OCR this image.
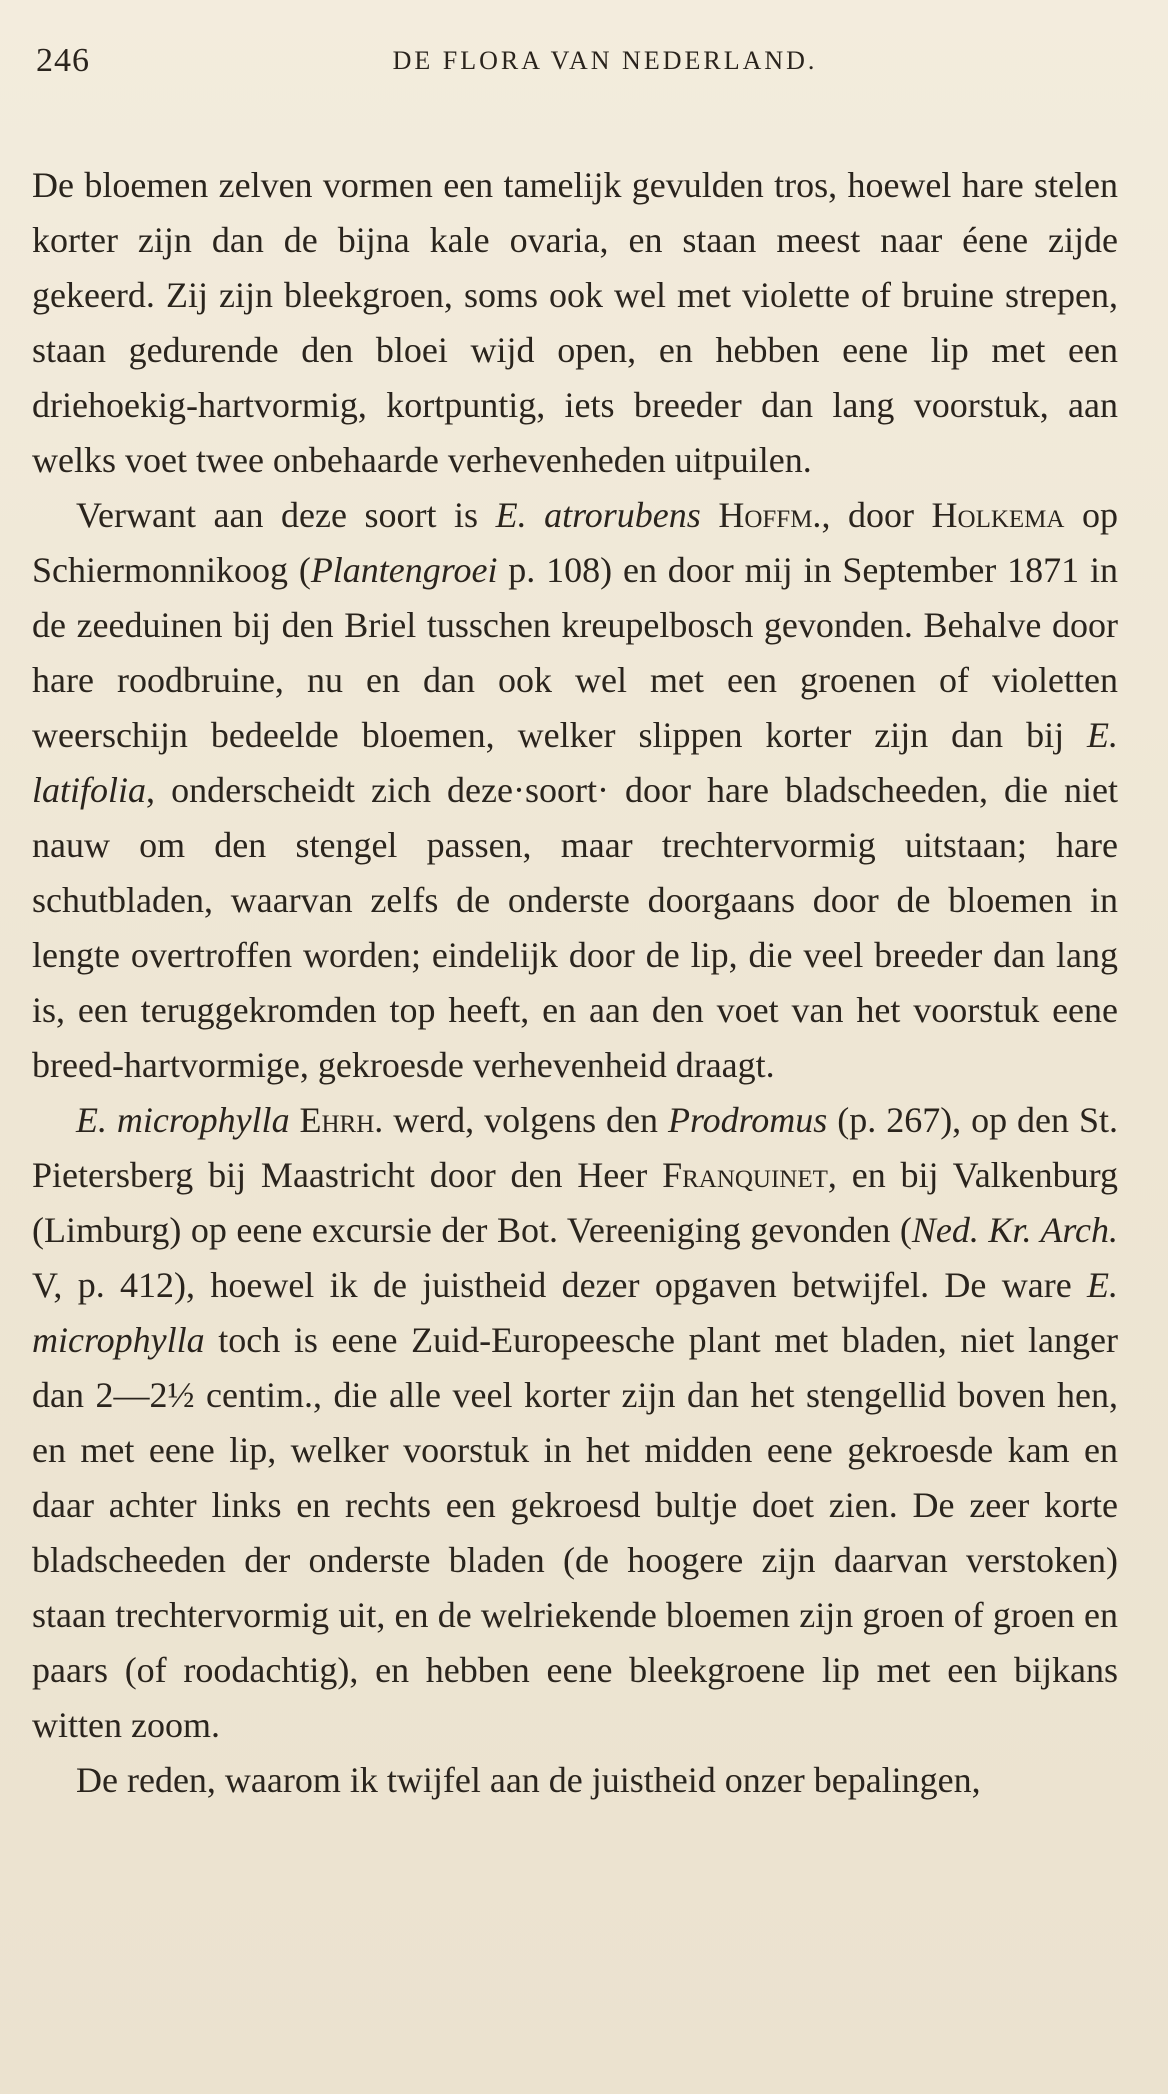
246	DE FLORA VAN NEDERLAND.

De bloemen zelven vormen een tamelijk gevulden tros, hoewel hare stelen korter zijn dan de bijna kale ovaria, en staan meest naar éene zijde gekeerd. Zij zijn bleekgroen, soms ook wel met violette of bruine strepen, staan gedurende den bloei wijd open, en hebben eene lip met een driehoekig-hartvormig, kortpuntig, iets breeder dan lang voorstuk, aan welks voet twee onbehaarde verhevenheden uitpuilen.

Verwant aan deze soort is E. atrorubens Hoffm., door Holkema op Schiermonnikoog (Plantengroei p. 108) en door mij in September 1871 in de zeeduinen bij den Briel tusschen kreupelbosch gevonden. Behalve door hare roodbruine, nu en dan ook wel met een groenen of violetten weerschijn bedeelde bloemen, welker slippen korter zijn dan bij E. latifolia, onderscheidt zich deze·soort· door hare bladscheeden, die niet nauw om den stengel passen, maar trechtervormig uitstaan; hare schutbladen, waarvan zelfs de onderste doorgaans door de bloemen in lengte overtroffen worden; eindelijk door de lip, die veel breeder dan lang is, een teruggekromden top heeft, en aan den voet van het voorstuk eene breed-hartvormige, gekroesde verhevenheid draagt.

E. microphylla Ehrh. werd, volgens den Prodromus (p. 267), op den St. Pietersberg bij Maastricht door den Heer Franquinet, en bij Valkenburg (Limburg) op eene excursie der Bot. Vereeniging gevonden (Ned. Kr. Arch. V, p. 412), hoewel ik de juistheid dezer opgaven betwijfel. De ware E. microphylla toch is eene Zuid-Europeesche plant met bladen, niet langer dan 2—2½ centim., die alle veel korter zijn dan het stengellid boven hen, en met eene lip, welker voorstuk in het midden eene gekroesde kam en daar achter links en rechts een gekroesd bultje doet zien. De zeer korte bladscheeden der onderste bladen (de hoogere zijn daarvan verstoken) staan trechtervormig uit, en de welriekende bloemen zijn groen of groen en paars (of roodachtig), en hebben eene bleekgroene lip met een bijkans witten zoom.

De reden, waarom ik twijfel aan de juistheid onzer bepalingen,
